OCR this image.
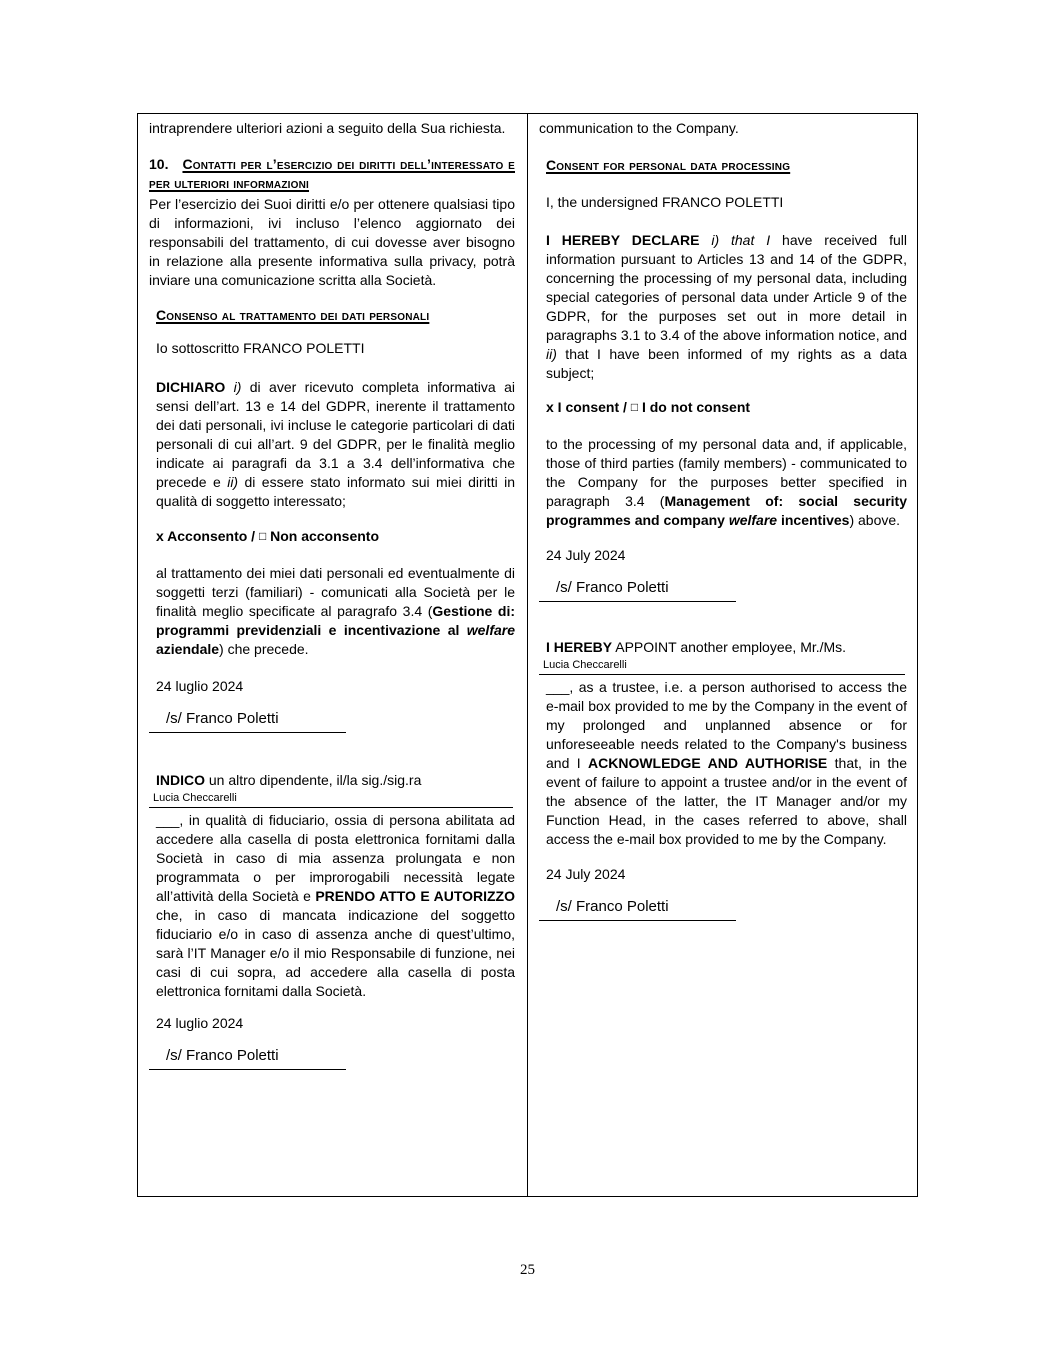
intraprendere ulteriori azioni a seguito della Sua richiesta.

10. Contatti per l’esercizio dei diritti dell’interessato e per ulteriori informazioni

Per l’esercizio dei Suoi diritti e/o per ottenere qualsiasi tipo di informazioni, ivi incluso l’elenco aggiornato dei responsabili del trattamento, di cui dovesse aver bisogno in relazione alla presente informativa sulla privacy, potrà inviare una comunicazione scritta alla Società.

Consenso al trattamento dei dati personali

Io sottoscritto FRANCO POLETTI

DICHIARO i) di aver ricevuto completa informativa ai sensi dell’art. 13 e 14 del GDPR, inerente il trattamento dei dati personali, ivi incluse le categorie particolari di dati personali di cui all’art. 9 del GDPR, per le finalità meglio indicate ai paragrafi da 3.1 a 3.4 dell’informativa che precede e ii) di essere stato informato sui miei diritti in qualità di soggetto interessato;

x Acconsento / □ Non acconsento

al trattamento dei miei dati personali ed eventualmente di soggetti terzi (familiari) - comunicati alla Società per le finalità meglio specificate al paragrafo 3.4 (Gestione di: programmi previdenziali e incentivazione al welfare aziendale) che precede.

24 luglio 2024

/s/ Franco Poletti

INDICO un altro dipendente, il/la sig./sig.ra

Lucia Checcarelli

___, in qualità di fiduciario, ossia di persona abilitata ad accedere alla casella di posta elettronica fornitami dalla Società in caso di mia assenza prolungata e non programmata o per improrogabili necessità legate all’attività della Società e PRENDO ATTO E AUTORIZZO che, in caso di mancata indicazione del soggetto fiduciario e/o in caso di assenza anche di quest’ultimo, sarà l’IT Manager e/o il mio Responsabile di funzione, nei casi di cui sopra, ad accedere alla casella di posta elettronica fornitami dalla Società.

24 luglio 2024

/s/ Franco Poletti

communication to the Company.

Consent for personal data processing

I, the undersigned FRANCO POLETTI

I HEREBY DECLARE i) that I have received full information pursuant to Articles 13 and 14 of the GDPR, concerning the processing of my personal data, including special categories of personal data under Article 9 of the GDPR, for the purposes set out in more detail in paragraphs 3.1 to 3.4 of the above information notice, and ii) that I have been informed of my rights as a data subject;

x I consent / □ I do not consent

to the processing of my personal data and, if applicable, those of third parties (family members) - communicated to the Company for the purposes better specified in paragraph 3.4 (Management of: social security programmes and company welfare incentives) above.

24 July 2024

/s/ Franco Poletti

I HEREBY APPOINT another employee, Mr./Ms.

Lucia Checcarelli

___, as a trustee, i.e. a person authorised to access the e-mail box provided to me by the Company in the event of my prolonged and unplanned absence or for unforeseeable needs related to the Company's business and I ACKNOWLEDGE AND AUTHORISE that, in the event of failure to appoint a trustee and/or in the event of the absence of the latter, the IT Manager and/or my Function Head, in the cases referred to above, shall access the e-mail box provided to me by the Company.

24 July 2024

/s/ Franco Poletti
25
